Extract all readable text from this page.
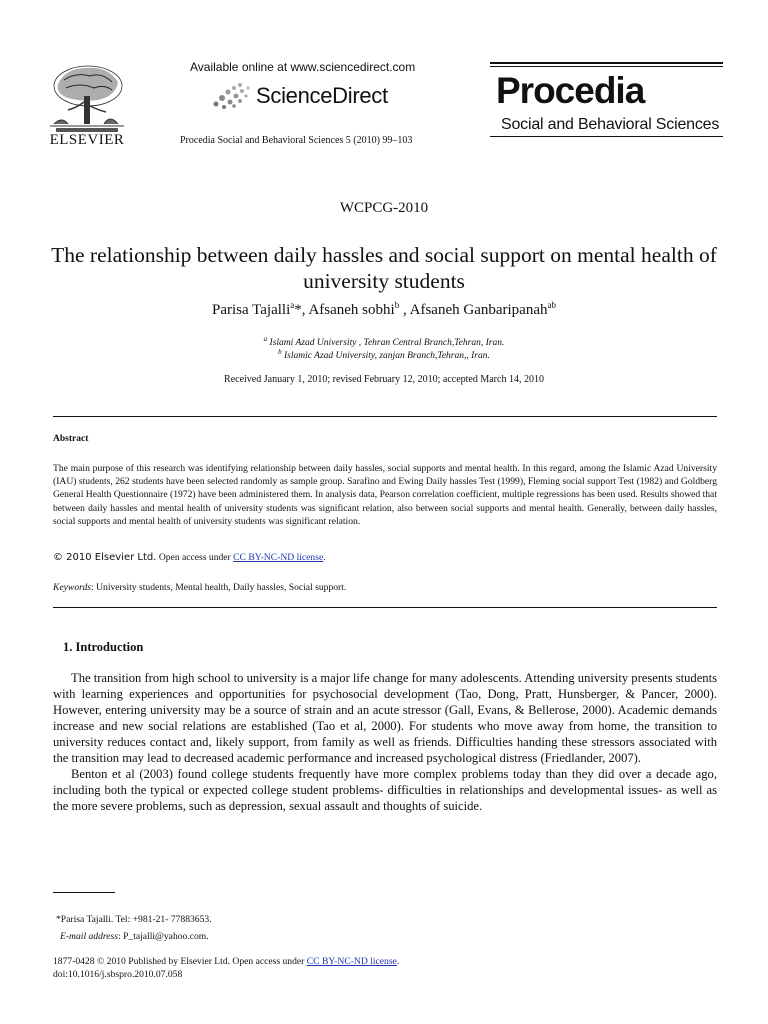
ELSEVIER
Available online at www.sciencedirect.com
ScienceDirect
Procedia Social and Behavioral Sciences 5 (2010) 99–103
Procedia
Social and Behavioral Sciences
WCPCG-2010
The relationship between daily hassles and social support on mental health of university students
Parisa Tajalli$^a$*, Afsaneh sobhi$^b$ , Afsaneh Ganbaripanah$^{ab}$
$^a$ Islami Azad University , Tehran Central Branch,Tehran, Iran.
$^b$ Islamic Azad University, zanjan Branch,Tehran,, Iran.
Received January 1, 2010; revised February 12, 2010; accepted March 14, 2010
Abstract
The main purpose of this research was identifying relationship between daily hassles, social supports and mental health. In this regard, among the Islamic Azad University (IAU) students, 262 students have been selected randomly as sample group. Sarafino and Ewing Daily hassles Test (1999), Fleming social support Test (1982) and Goldberg General Health Questionnaire (1972) have been administered them. In analysis data, Pearson correlation coefficient, multiple regressions has been used. Results showed that between daily hassles and mental health of university students was significant relation, also between social supports and mental health. Generally, between daily hassles, social supports and mental health of university students was significant relation.
© 2010 Elsevier Ltd. Open access under CC BY-NC-ND license.
Keywords: University students, Mental health, Daily hassles, Social support.
1. Introduction

The transition from high school to university is a major life change for many adolescents. Attending university presents students with learning experiences and opportunities for psychosocial development (Tao, Dong, Pratt, Hunsberger, & Pancer, 2000). However, entering university may be a source of strain and an acute stressor (Gall, Evans, & Bellerose, 2000). Academic demands increase and new social relations are established (Tao et al, 2000). For students who move away from home, the transition to university reduces contact and, likely support, from family as well as friends. Difficulties handing these stressors associated with the transition may lead to decreased academic performance and increased psychological distress (Friedlander, 2007).

Benton et al (2003) found college students frequently have more complex problems today than they did over a decade ago, including both the typical or expected college student problems- difficulties in relationships and developmental issues- as well as the more severe problems, such as depression, sexual assault and thoughts of suicide.

*Parisa Tajalli. Tel: +981-21- 77883653.
E-mail address: P_tajalli@yahoo.com.
1877-0428 © 2010 Published by Elsevier Ltd. Open access under CC BY-NC-ND license.
doi:10.1016/j.sbspro.2010.07.058
